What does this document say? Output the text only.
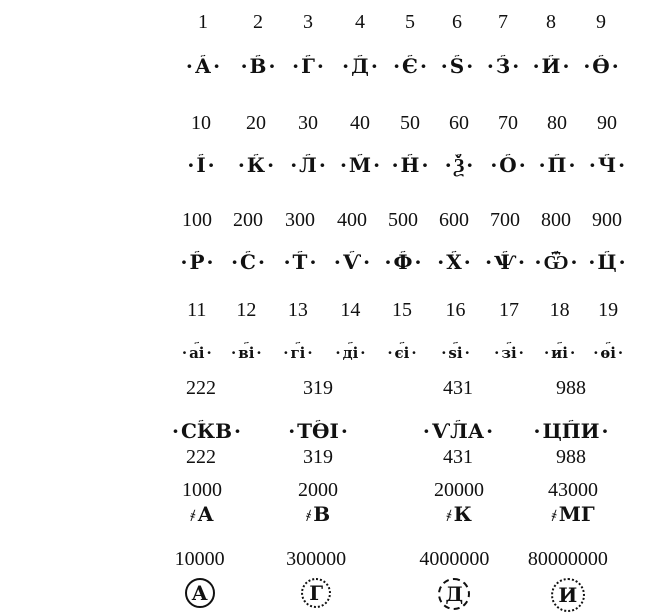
1	2	3	4	5	6	7	8	9
· А ·	· В ·	· Г ·	· Д ·	· Є ·	· Ѕ ·	· З ·	· И ·	· Ѳ ·
10	20	30	40	50	60	70	80	90
· І ·	· К ·	· Л ·	· М ·	· Н ·	· Ѯ ·	· О ·	· П ·	· Ч ·
100	200	300	400	500	600	700	800	900
· Р ·	· С ·	· Т ·	· Ѵ ·	· Ф ·	· Х ·	· Ѱ ·	· Ѿ ·	· Ц ·
11	12	13	14	15	16	17	18	19
· аі ·	· ві ·	· гі ·	· ді ·	· єі ·	· ѕі ·	· зі ·	· иі ·	· ѳі ·
222	319	431	988
· СКВ ·	· ТѲІ ·	· ѴЛА ·	· ЦПИ ·
222	319	431	988
1000	2000	20000	43000
҂ А	҂ В	҂ К	҂ МГ
10000	300000	4000000	80000000
А	Г	Д	И
